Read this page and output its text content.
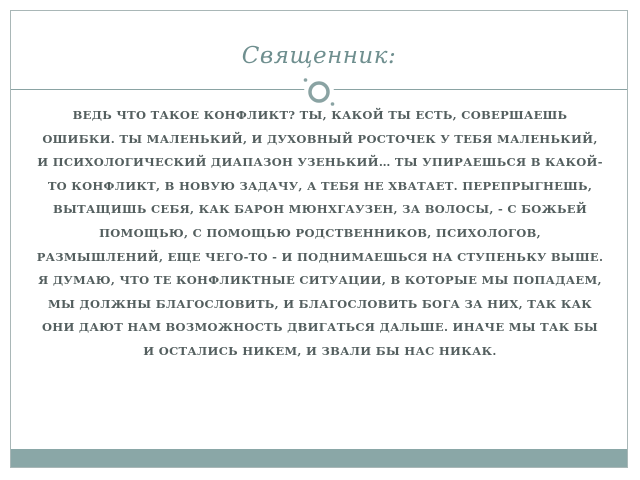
Священник:

ВЕДЬ ЧТО ТАКОЕ КОНФЛИКТ? ТЫ, КАКОЙ ТЫ ЕСТЬ, СОВЕРШАЕШЬ ОШИБКИ. ТЫ МАЛЕНЬКИЙ, И ДУХОВНЫЙ РОСТОЧЕК У ТЕБЯ МАЛЕНЬКИЙ, И ПСИХОЛОГИЧЕСКИЙ ДИАПАЗОН УЗЕНЬКИЙ… ТЫ УПИРАЕШЬСЯ В КАКОЙ-ТО КОНФЛИКТ, В НОВУЮ ЗАДАЧУ, А ТЕБЯ НЕ ХВАТАЕТ. ПЕРЕПРЫГНЕШЬ, ВЫТАЩИШЬ СЕБЯ, КАК БАРОН МЮНХГАУЗЕН, ЗА ВОЛОСЫ, - С БОЖЬЕЙ ПОМОЩЬЮ, С ПОМОЩЬЮ РОДСТВЕННИКОВ, ПСИХОЛОГОВ, РАЗМЫШЛЕНИЙ, ЕЩЕ ЧЕГО-ТО - И ПОДНИМАЕШЬСЯ НА СТУПЕНЬКУ ВЫШЕ.

Я ДУМАЮ, ЧТО ТЕ КОНФЛИКТНЫЕ СИТУАЦИИ, В КОТОРЫЕ МЫ ПОПАДАЕМ, МЫ ДОЛЖНЫ БЛАГОСЛОВИТЬ, И БЛАГОСЛОВИТЬ БОГА ЗА НИХ, ТАК КАК ОНИ ДАЮТ НАМ ВОЗМОЖНОСТЬ ДВИГАТЬСЯ ДАЛЬШЕ. ИНАЧЕ МЫ ТАК БЫ И ОСТАЛИСЬ НИКЕМ, И ЗВАЛИ БЫ НАС НИКАК.
